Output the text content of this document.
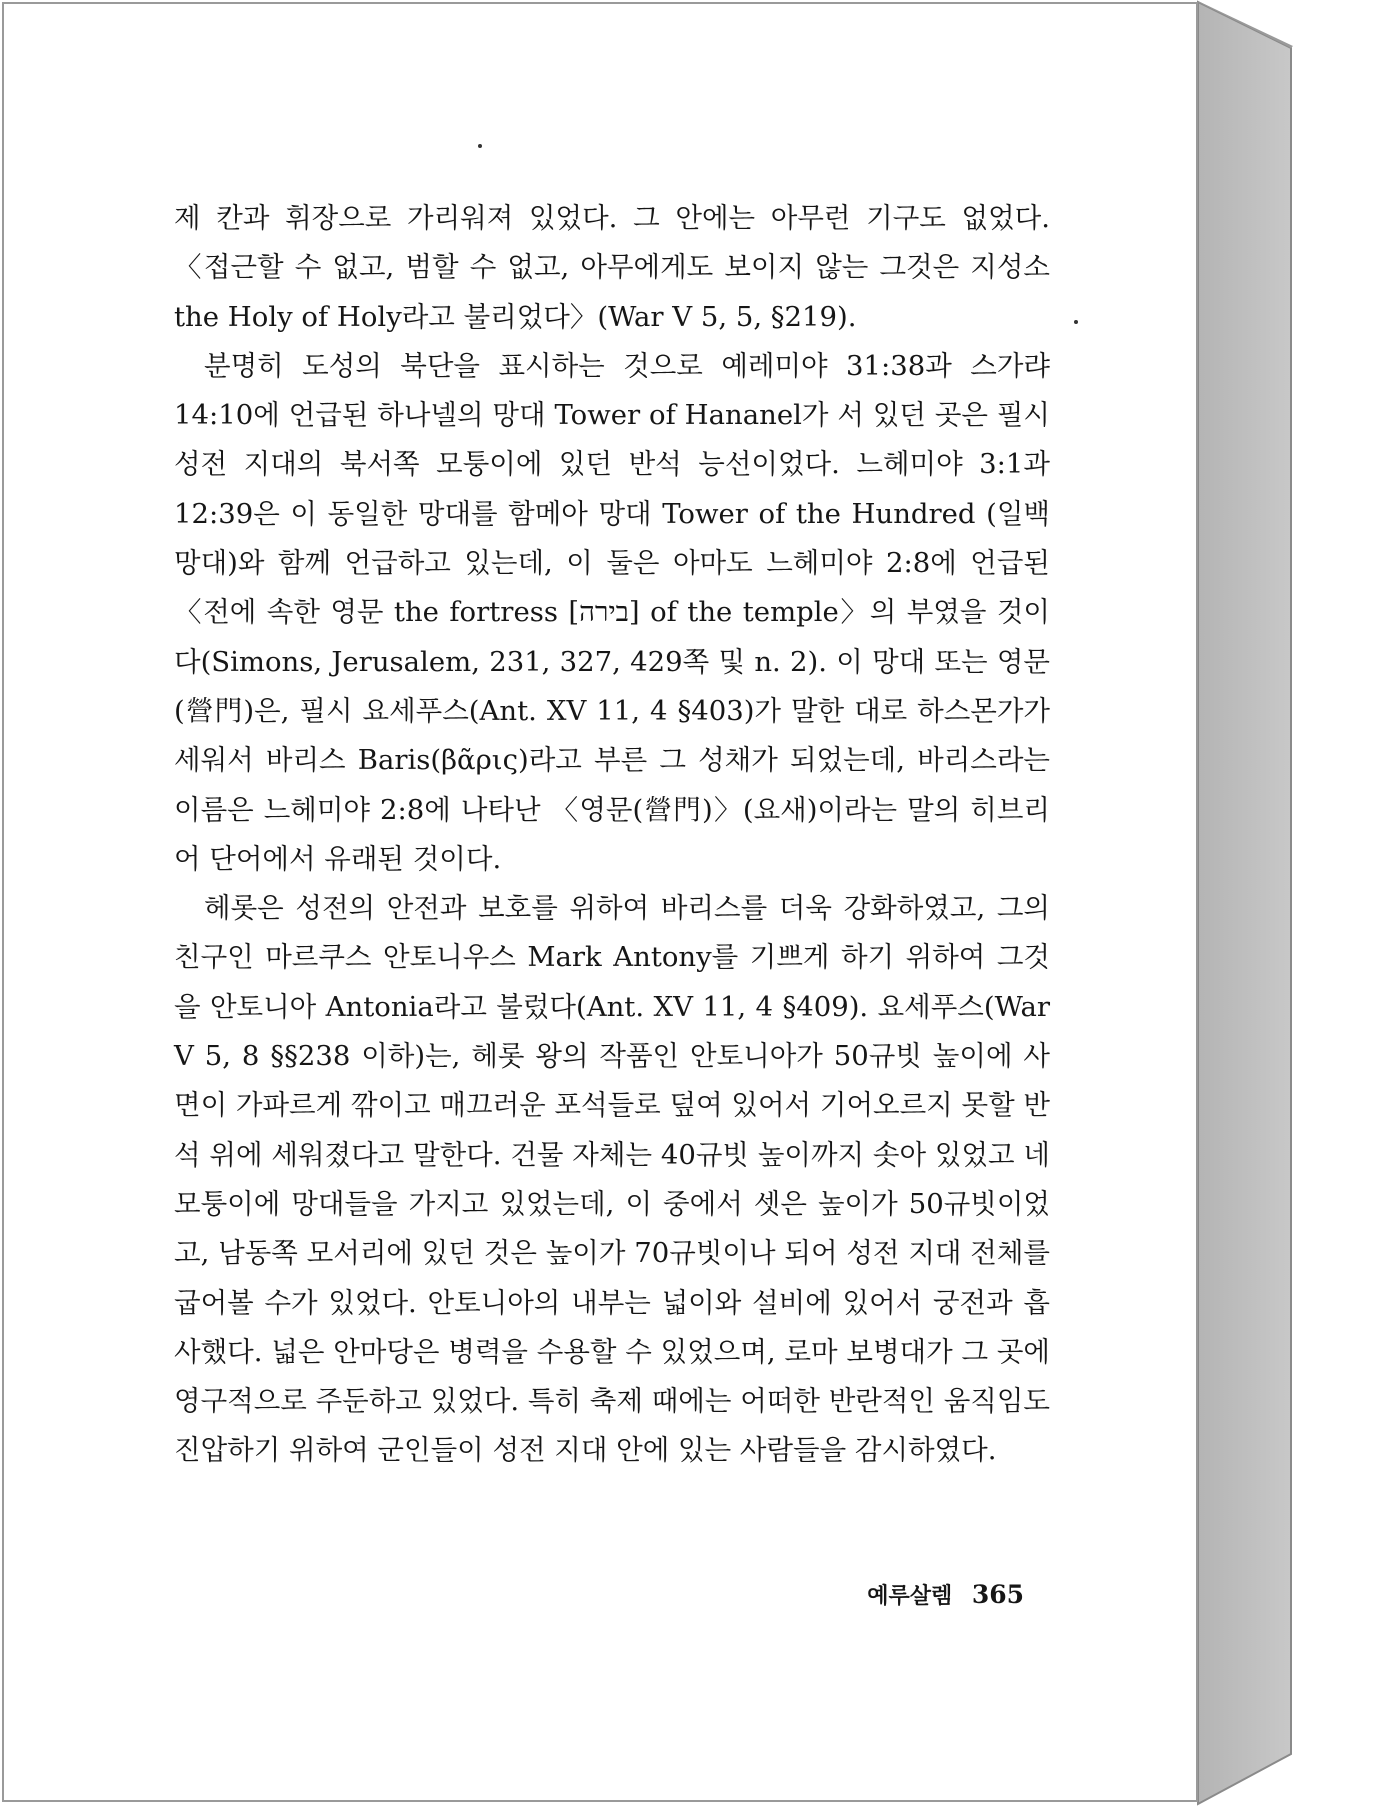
제 칸과 휘장으로 가리워져 있었다. 그 안에는 아무런 기구도 없었다. 〈접근할 수 없고, 범할 수 없고, 아무에게도 보이지 않는 그것은 지성소 the Holy of Holy라고 불리었다〉(War V 5, 5, §219).

분명히 도성의 북단을 표시하는 것으로 예레미야 31:38과 스가랴 14:10에 언급된 하나넬의 망대 Tower of Hananel가 서 있던 곳은 필시 성전 지대의 북서쪽 모퉁이에 있던 반석 능선이었다. 느헤미야 3:1과 12:39은 이 동일한 망대를 함메아 망대 Tower of the Hundred (일백 망대)와 함께 언급하고 있는데, 이 둘은 아마도 느헤미야 2:8에 언급된 〈전에 속한 영문 the fortress [בירה] of the temple〉의 부였을 것이다(Simons, Jerusalem, 231, 327, 429쪽 및 n. 2). 이 망대 또는 영문(營門)은, 필시 요세푸스(Ant. XV 11, 4 §403)가 말한 대로 하스몬가가 세워서 바리스 Baris(βᾶρις)라고 부른 그 성채가 되었는데, 바리스라는 이름은 느헤미야 2:8에 나타난 〈영문(營門)〉(요새)이라는 말의 히브리어 단어에서 유래된 것이다.

헤롯은 성전의 안전과 보호를 위하여 바리스를 더욱 강화하였고, 그의 친구인 마르쿠스 안토니우스 Mark Antony를 기쁘게 하기 위하여 그것을 안토니아 Antonia라고 불렀다(Ant. XV 11, 4 §409). 요세푸스(War V 5, 8 §§238 이하)는, 헤롯 왕의 작품인 안토니아가 50규빗 높이에 사면이 가파르게 깎이고 매끄러운 포석들로 덮여 있어서 기어오르지 못할 반석 위에 세워졌다고 말한다. 건물 자체는 40규빗 높이까지 솟아 있었고 네 모퉁이에 망대들을 가지고 있었는데, 이 중에서 셋은 높이가 50규빗이었고, 남동쪽 모서리에 있던 것은 높이가 70규빗이나 되어 성전 지대 전체를 굽어볼 수가 있었다. 안토니아의 내부는 넓이와 설비에 있어서 궁전과 흡사했다. 넓은 안마당은 병력을 수용할 수 있었으며, 로마 보병대가 그 곳에 영구적으로 주둔하고 있었다. 특히 축제 때에는 어떠한 반란적인 움직임도 진압하기 위하여 군인들이 성전 지대 안에 있는 사람들을 감시하였다.

예루살렘 365
